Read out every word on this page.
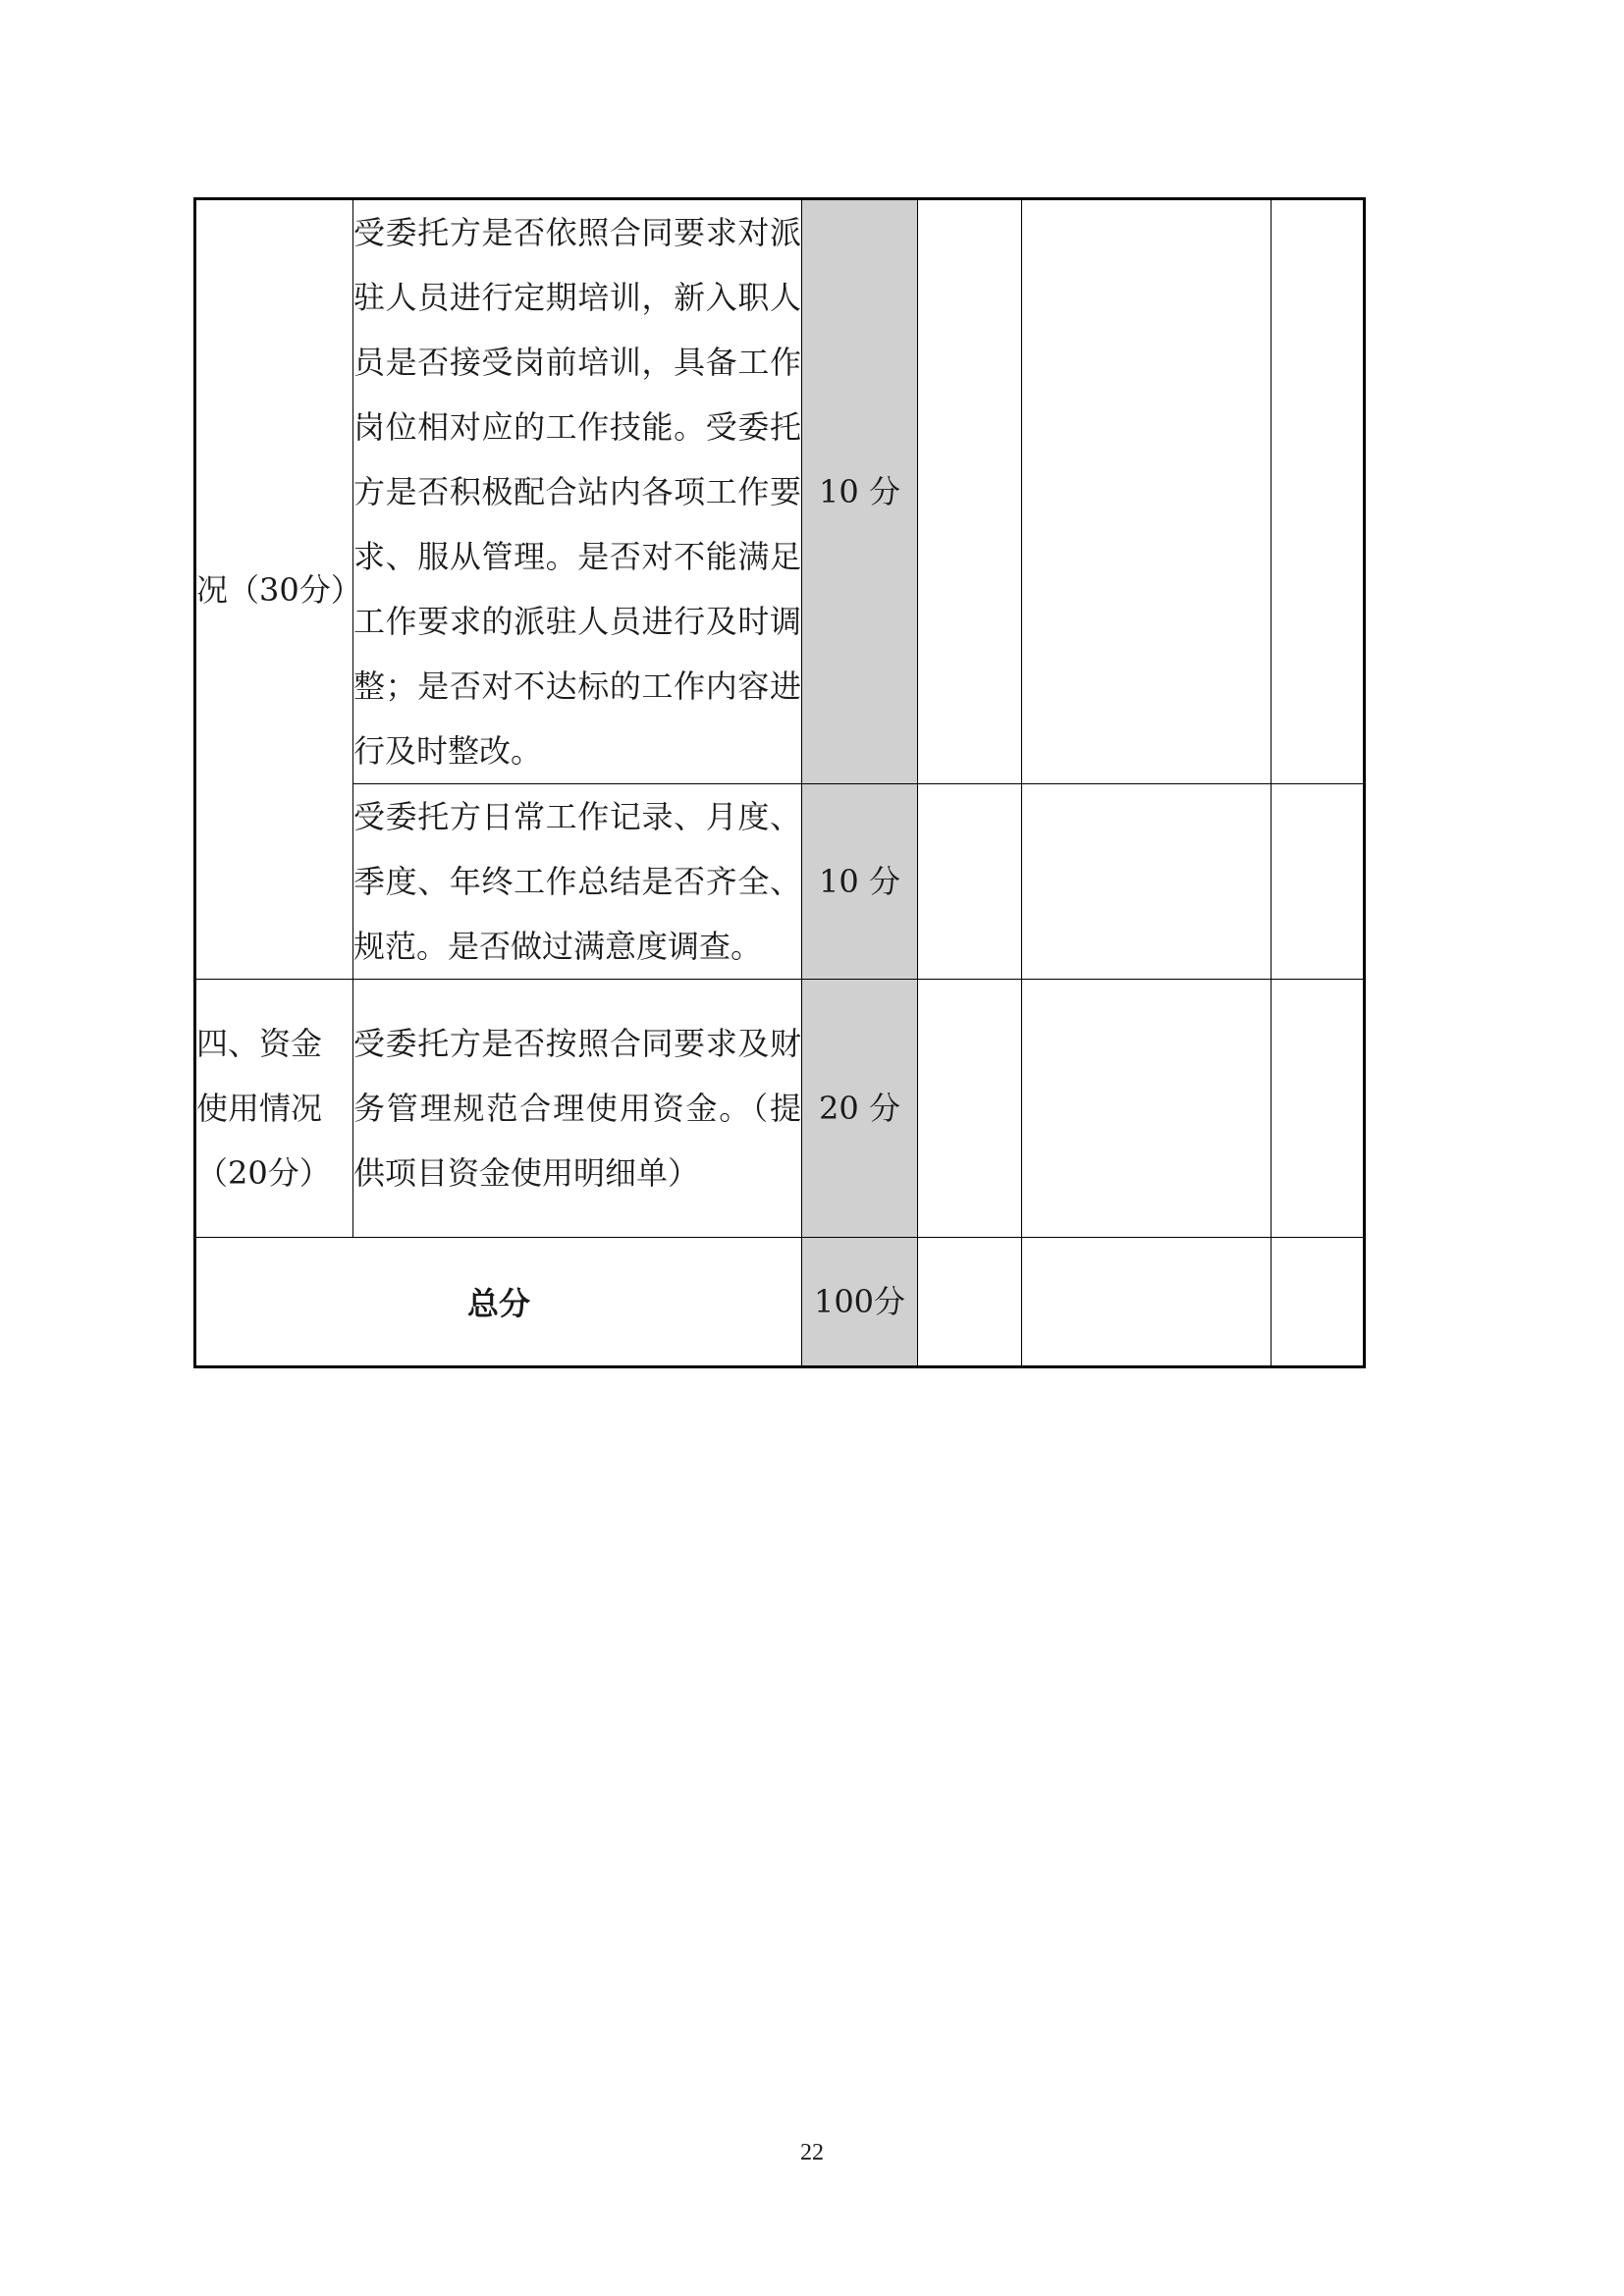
况（30分）	受委托方是否依照合同要求对派驻人员进行定期培训，新入职人员是否接受岗前培训，具备工作岗位相对应的工作技能。受委托方是否积极配合站内各项工作要求、服从管理。是否对不能满足工作要求的派驻人员进行及时调整；是否对不达标的工作内容进行及时整改。	10 分			
	受委托方日常工作记录、月度、季度、年终工作总结是否齐全、规范。是否做过满意度调查。	10 分			
四、资金使用情况（20分）	受委托方是否按照合同要求及财务管理规范合理使用资金。（提供项目资金使用明细单）	20 分			
总分		100分			
22
